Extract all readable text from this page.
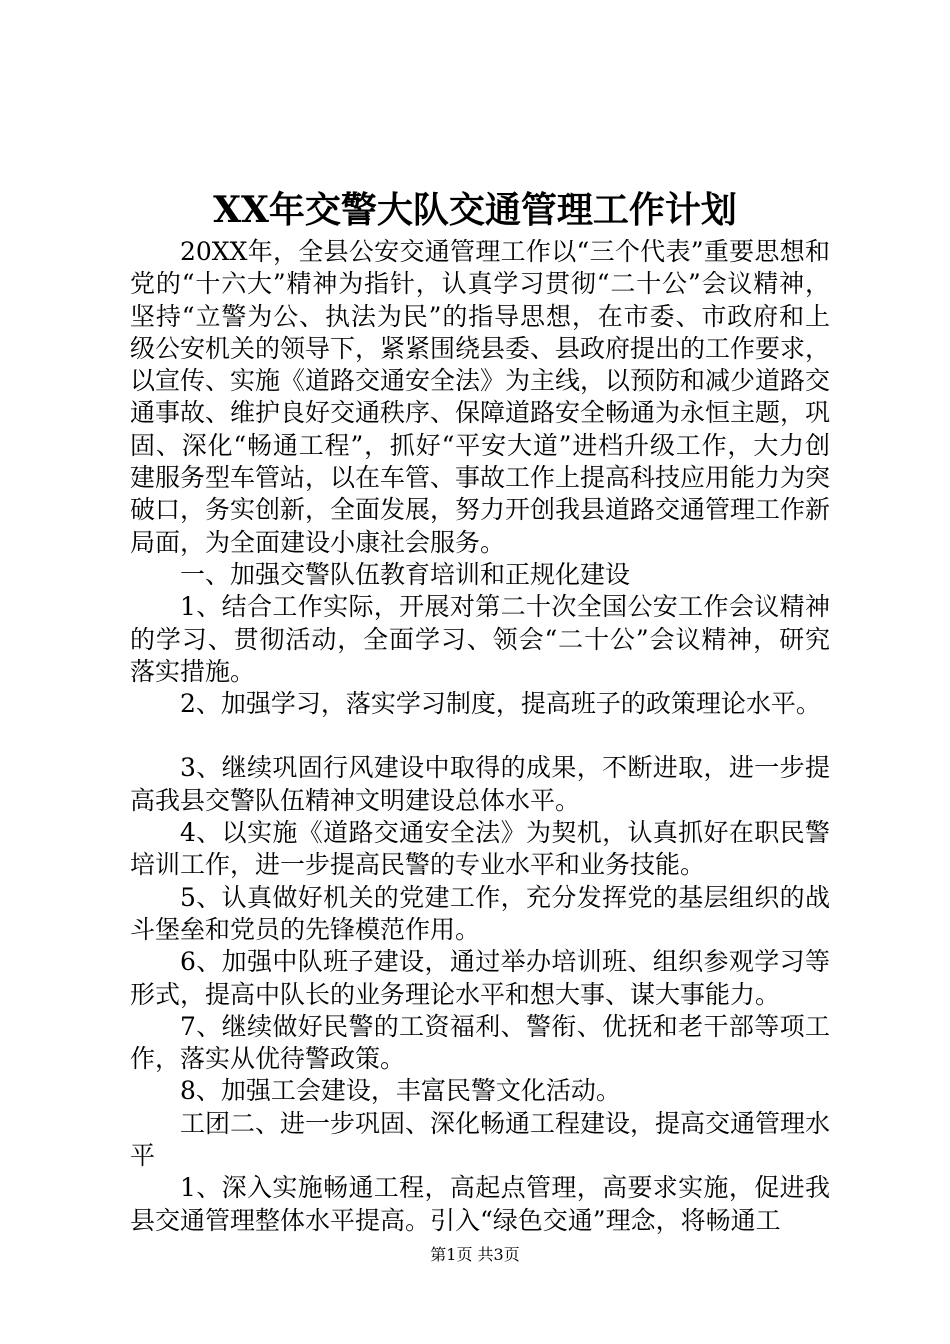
XX年交警大队交通管理工作计划

20XX年，全县公安交通管理工作以“三个代表”重要思想和党的“十六大”精神为指针，认真学习贯彻“二十公”会议精神，坚持“立警为公、执法为民”的指导思想，在市委、市政府和上级公安机关的领导下，紧紧围绕县委、县政府提出的工作要求，以宣传、实施《道路交通安全法》为主线，以预防和减少道路交通事故、维护良好交通秩序、保障道路安全畅通为永恒主题，巩固、深化“畅通工程”，抓好“平安大道”进档升级工作，大力创建服务型车管站，以在车管、事故工作上提高科技应用能力为突破口，务实创新，全面发展，努力开创我县道路交通管理工作新局面，为全面建设小康社会服务。

一、加强交警队伍教育培训和正规化建设

1、结合工作实际，开展对第二十次全国公安工作会议精神的学习、贯彻活动，全面学习、领会“二十公”会议精神，研究落实措施。

2、加强学习，落实学习制度，提高班子的政策理论水平。

3、继续巩固行风建设中取得的成果，不断进取，进一步提高我县交警队伍精神文明建设总体水平。

4、以实施《道路交通安全法》为契机，认真抓好在职民警培训工作，进一步提高民警的专业水平和业务技能。

5、认真做好机关的党建工作，充分发挥党的基层组织的战斗堡垒和党员的先锋模范作用。

6、加强中队班子建设，通过举办培训班、组织参观学习等形式，提高中队长的业务理论水平和想大事、谋大事能力。

7、继续做好民警的工资福利、警衔、优抚和老干部等项工作，落实从优待警政策。

8、加强工会建设，丰富民警文化活动。

工团二、进一步巩固、深化畅通工程建设，提高交通管理水平

1、深入实施畅通工程，高起点管理，高要求实施，促进我县交通管理整体水平提高。引入“绿色交通”理念，将畅通工

第1页 共3页
